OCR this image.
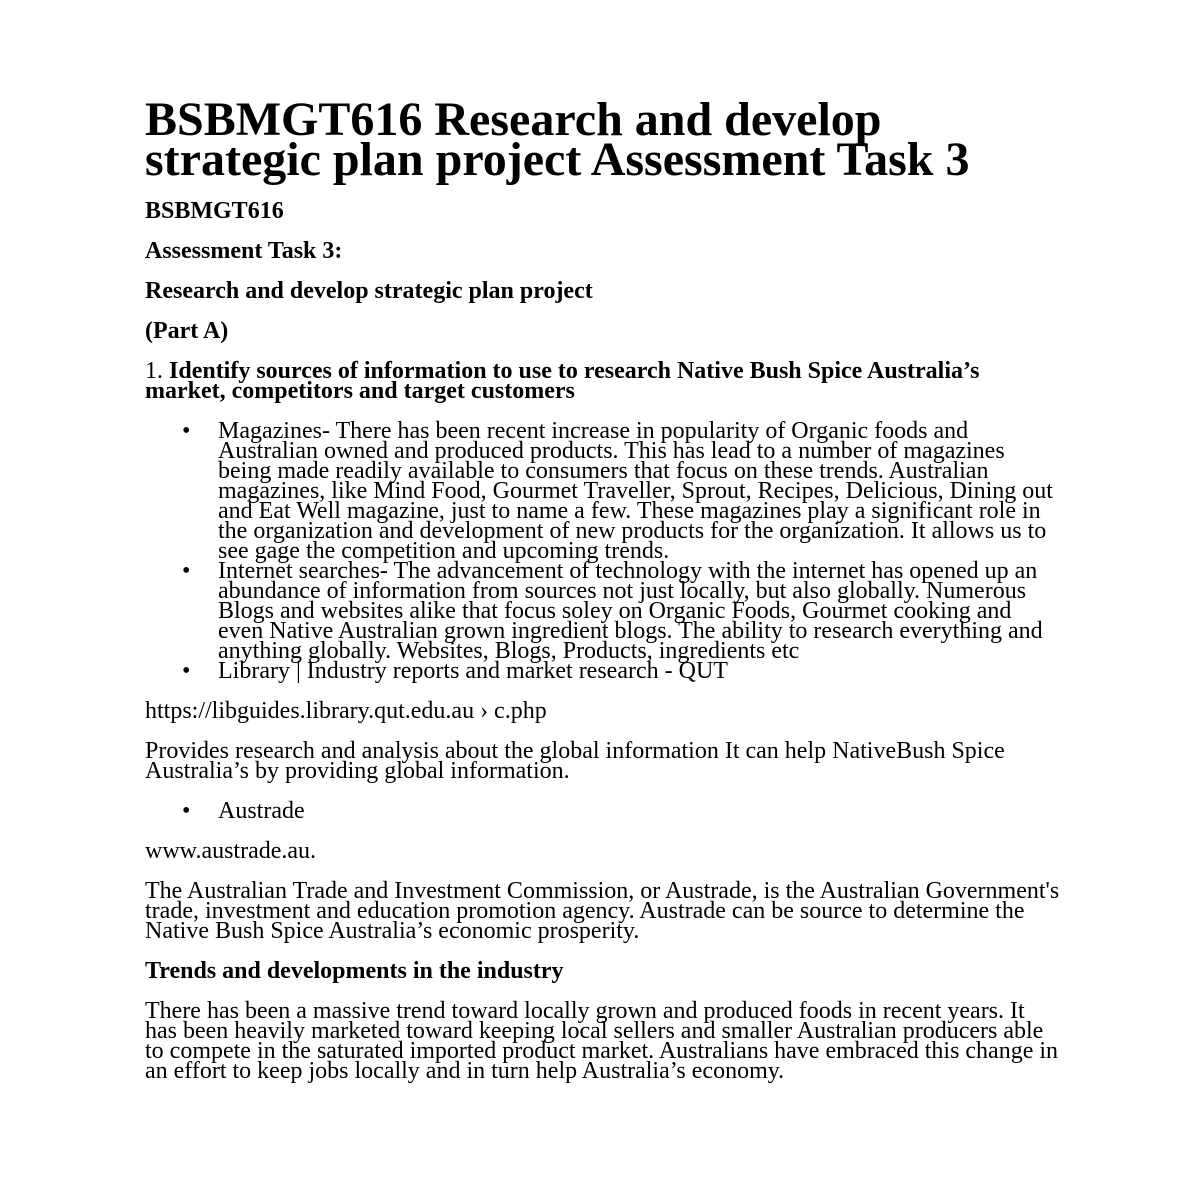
BSBMGT616 Research and develop strategic plan project Assessment Task 3

BSBMGT616

Assessment Task 3:

Research and develop strategic plan project

(Part A)

1. Identify sources of information to use to research Native Bush Spice Australia’s market, competitors and target customers

• Magazines- There has been recent increase in popularity of Organic foods and Australian owned and produced products. This has lead to a number of magazines being made readily available to consumers that focus on these trends. Australian magazines, like Mind Food, Gourmet Traveller, Sprout, Recipes, Delicious, Dining out and Eat Well magazine, just to name a few. These magazines play a significant role in the organization and development of new products for the organization. It allows us to see gage the competition and upcoming trends.
• Internet searches- The advancement of technology with the internet has opened up an abundance of information from sources not just locally, but also globally. Numerous Blogs and websites alike that focus soley on Organic Foods, Gourmet cooking and even Native Australian grown ingredient blogs. The ability to research everything and anything globally. Websites, Blogs, Products, ingredients etc
• Library | Industry reports and market research - QUT

https://libguides.library.qut.edu.au › c.php

Provides research and analysis about the global information It can help NativeBush Spice Australia’s by providing global information.

• Austrade

www.austrade.au.

The Australian Trade and Investment Commission, or Austrade, is the Australian Government's trade, investment and education promotion agency. Austrade can be source to determine the Native Bush Spice Australia’s economic prosperity.

Trends and developments in the industry

There has been a massive trend toward locally grown and produced foods in recent years. It has been heavily marketed toward keeping local sellers and smaller Australian producers able to compete in the saturated imported product market. Australians have embraced this change in an effort to keep jobs locally and in turn help Australia’s economy.
